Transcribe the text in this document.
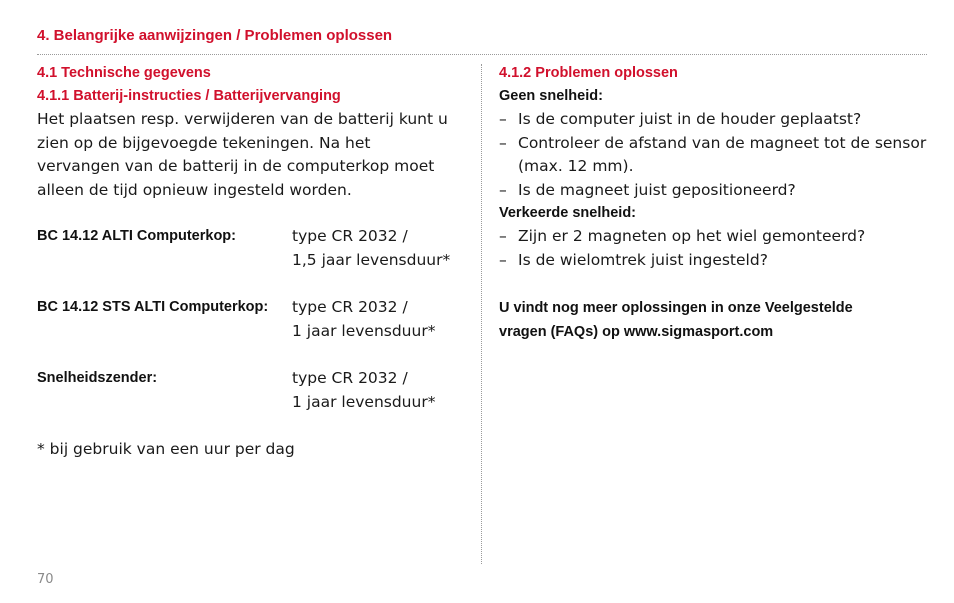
4. Belangrijke aanwijzingen / Problemen oplossen
4.1 Technische gegevens
4.1.1 Batterij-instructies / Batterijvervanging
Het plaatsen resp. verwijderen van de batterij kunt u zien op de bijgevoegde tekeningen. Na het vervangen van de batterij in de computerkop moet alleen de tijd opnieuw ingesteld worden.
BC 14.12 ALTI Computerkop:	type CR 2032 /
1,5 jaar levensduur*
BC 14.12 STS ALTI Computerkop: type CR 2032 /
1 jaar levensduur*
Snelheidszender:	type CR 2032 /
1 jaar levensduur*
* bij gebruik van een uur per dag
4.1.2 Problemen oplossen
Geen snelheid:
– Is de computer juist in de houder geplaatst?
– Controleer de afstand van de magneet tot de sensor (max. 12 mm).
– Is de magneet juist gepositioneerd?
Verkeerde snelheid:
– Zijn er 2 magneten op het wiel gemonteerd?
– Is de wielomtrek juist ingesteld?
U vindt nog meer oplossingen in onze Veelgestelde vragen (FAQs) op www.sigmasport.com
70
